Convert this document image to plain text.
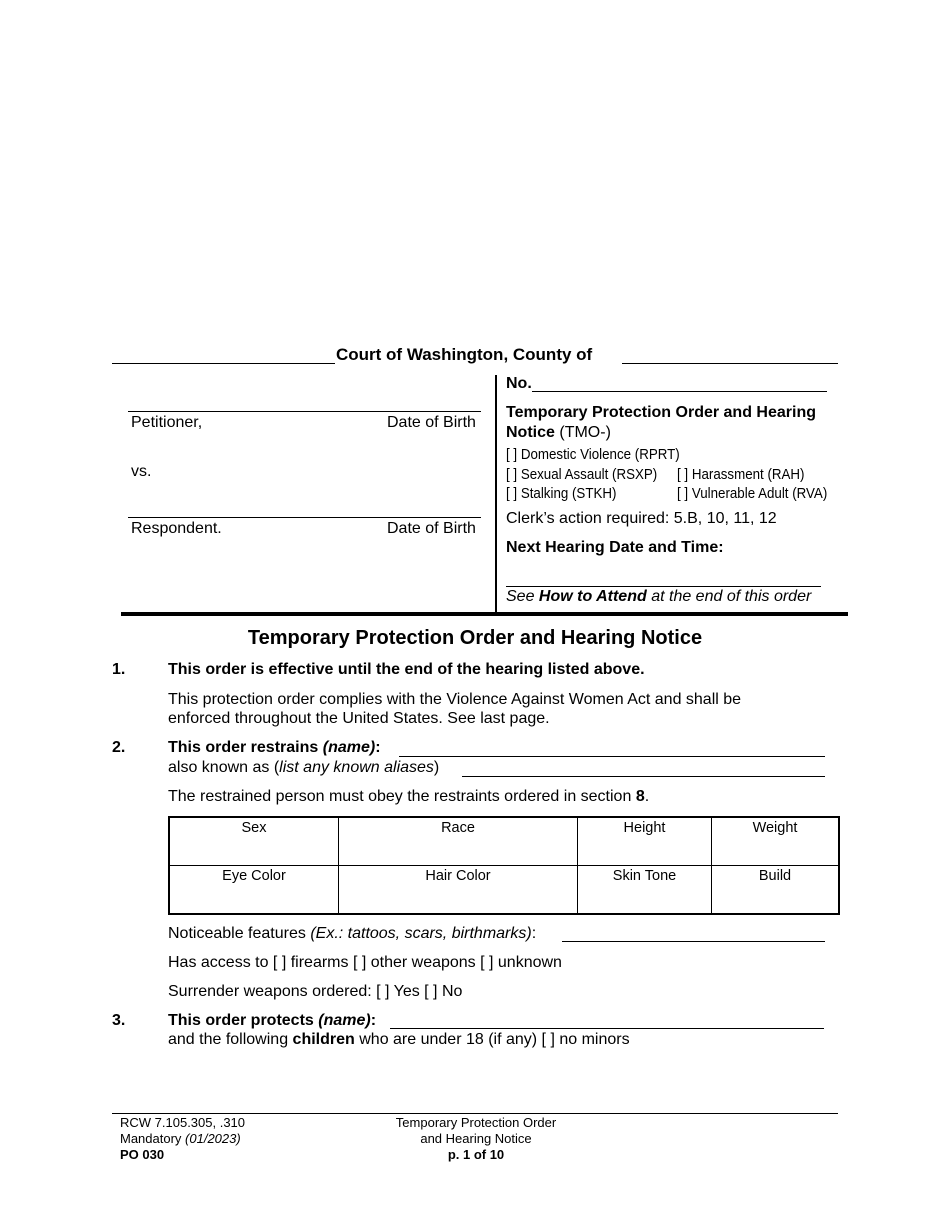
Court of Washington, County of
Petitioner,	Date of Birth
vs.
Respondent.	Date of Birth
No.
Temporary Protection Order and Hearing
Notice (TMO-)
[ ] Domestic Violence (RPRT)
[ ] Sexual Assault (RSXP) [ ] Harassment (RAH)
[ ] Stalking (STKH)	[ ] Vulnerable Adult (RVA)
Clerk’s action required: 5.B, 10, 11, 12
Next Hearing Date and Time:
See How to Attend at the end of this order
Temporary Protection Order and Hearing Notice
1.	This order is effective until the end of the hearing listed above.
This protection order complies with the Violence Against Women Act and shall be
enforced throughout the United States. See last page.
2.	This order restrains (name):
also known as (list any known aliases)
The restrained person must obey the restraints ordered in section 8.
Sex	Race	Height	Weight
Eye Color	Hair Color	Skin Tone	Build
Noticeable features (Ex.: tattoos, scars, birthmarks):
Has access to [ ] firearms [ ] other weapons [ ] unknown
Surrender weapons ordered: [ ] Yes [ ] No
3.	This order protects (name):
and the following children who are under 18 (if any) [ ] no minors
RCW 7.105.305, .310
Mandatory (01/2023)
PO 030
Temporary Protection Order
and Hearing Notice
p. 1 of 10
